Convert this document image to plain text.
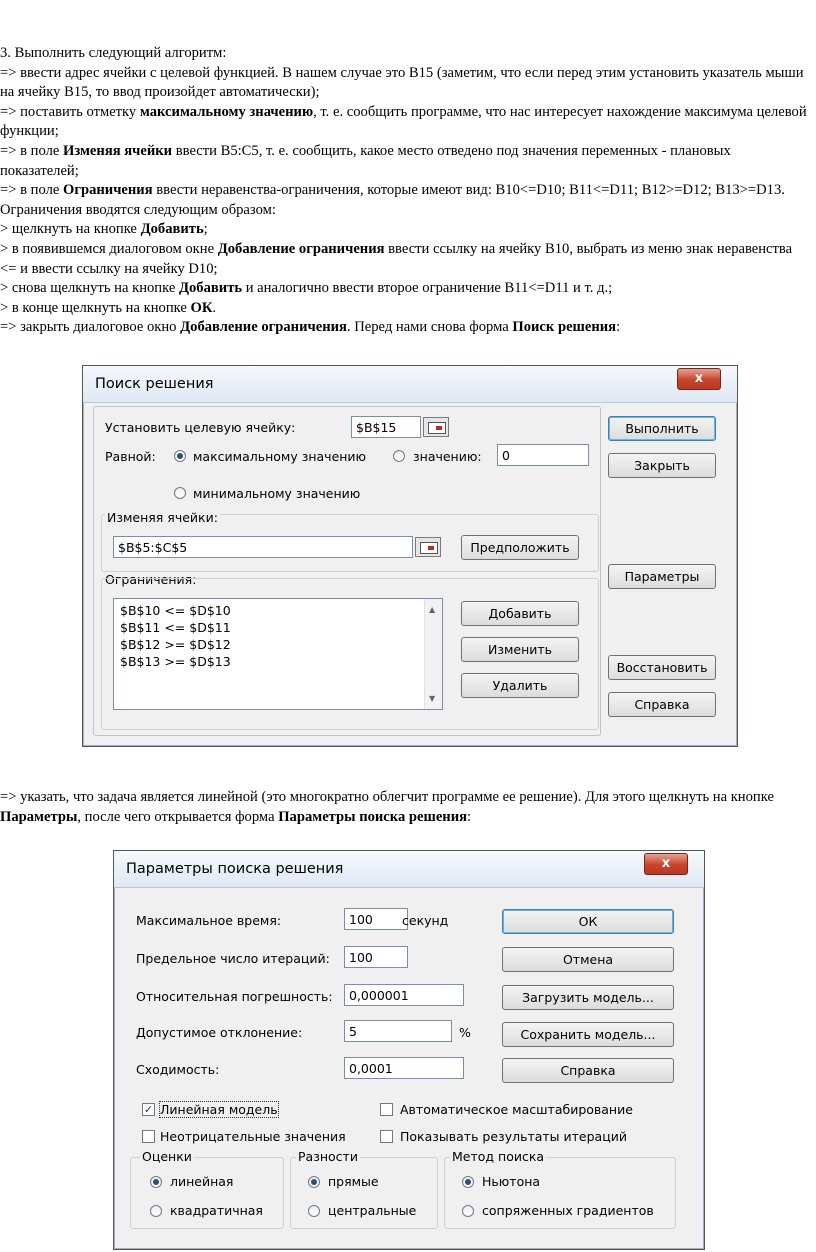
3. Выполнить следующий алгоритм:

=> ввести адрес ячейки с целевой функцией. В нашем случае это В15 (заметим, что если перед этим установить указатель мыши на ячейку В15, то ввод произойдет автоматически);

=> поставить отметку максимальному значению, т. е. сообщить программе, что нас интересует нахождение максимума целевой функции;

=> в поле Изменяя ячейки ввести B5:C5, т. е. сообщить, какое место отведено под значения переменных - плановых показателей;

=> в поле Ограничения ввести неравенства-ограничения, которые имеют вид: В10<=D10; В11<=D11; В12>=D12; В13>=D13. Ограничения вводятся следующим образом:

> щелкнуть на кнопке Добавить;

> в появившемся диалоговом окне Добавление ограничения ввести ссылку на ячейку В10, выбрать из меню знак неравенства <= и ввести ссылку на ячейку D10;

> снова щелкнуть на кнопке Добавить и аналогично ввести второе ограничение В11<=D11 и т. д.;

> в конце щелкнуть на кнопке ОК.

=> закрыть диалоговое окно Добавление ограничения. Перед нами снова форма Поиск решения:

Поиск решения	x
Установить целевую ячейку:	$B$15
Равной:	максимальному значению	значению:	0
минимальному значению
Изменяя ячейки:
$B$5:$C$5	Предположить
Ограничения:
$B$10 <= $D$10
$B$11 <= $D$11
$B$12 >= $D$12
$B$13 >= $D$13
▲
▼
Добавить
Изменить
Удалить
Выполнить
Закрыть
Параметры
Восстановить
Справка

=> указать, что задача является линейной (это многократно облегчит программе ее решение). Для этого щелкнуть на кнопке Параметры, после чего открывается форма Параметры поиска решения:

Параметры поиска решения	x
Максимальное время:	100	секунд
Предельное число итераций:	100
Относительная погрешность:	0,000001
Допустимое отклонение:	5	%
Сходимость:	0,0001
ОК
Отмена
Загрузить модель...
Сохранить модель...
Справка
✓ Линейная модель	Автоматическое масштабирование
Неотрицательные значения	Показывать результаты итераций
Оценки
линейная
квадратичная
Разности
прямые
центральные
Метод поиска
Ньютона
сопряженных градиентов
